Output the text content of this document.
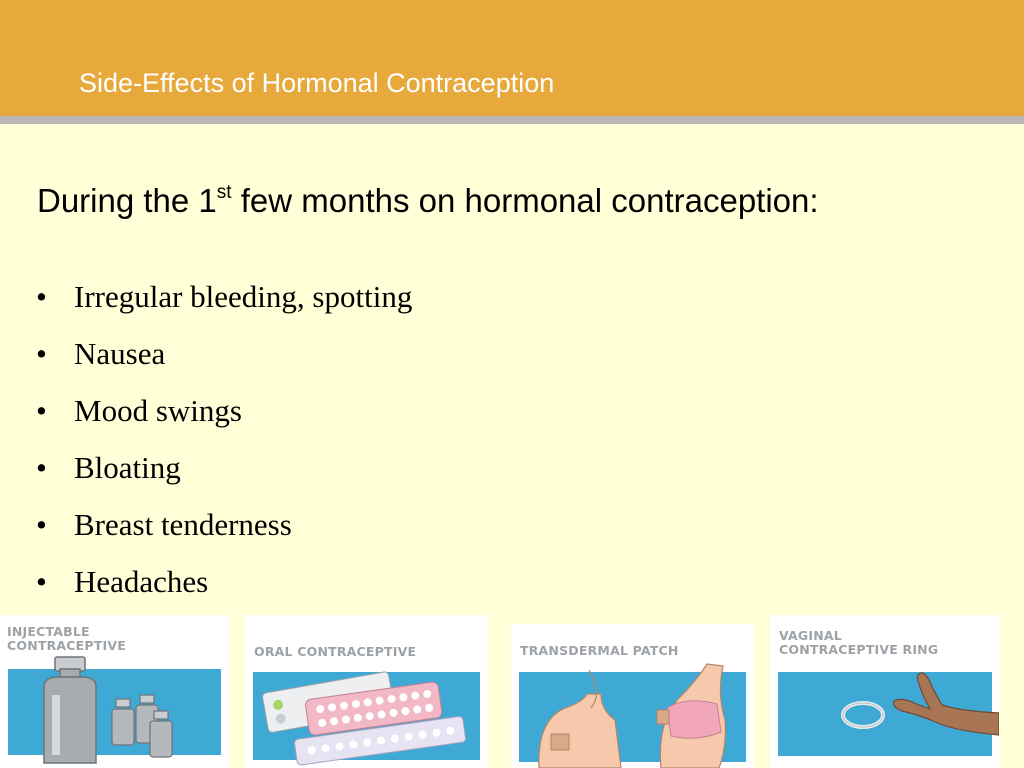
Side-Effects of Hormonal Contraception
During the 1st few months on hormonal contraception:
• Irregular bleeding, spotting
• Nausea
• Mood swings
• Bloating
• Breast tenderness
• Headaches
INJECTABLE
CONTRACEPTIVE	ORAL CONTRACEPTIVE	TRANSDERMAL PATCH
VAGINAL
CONTRACEPTIVE RING
